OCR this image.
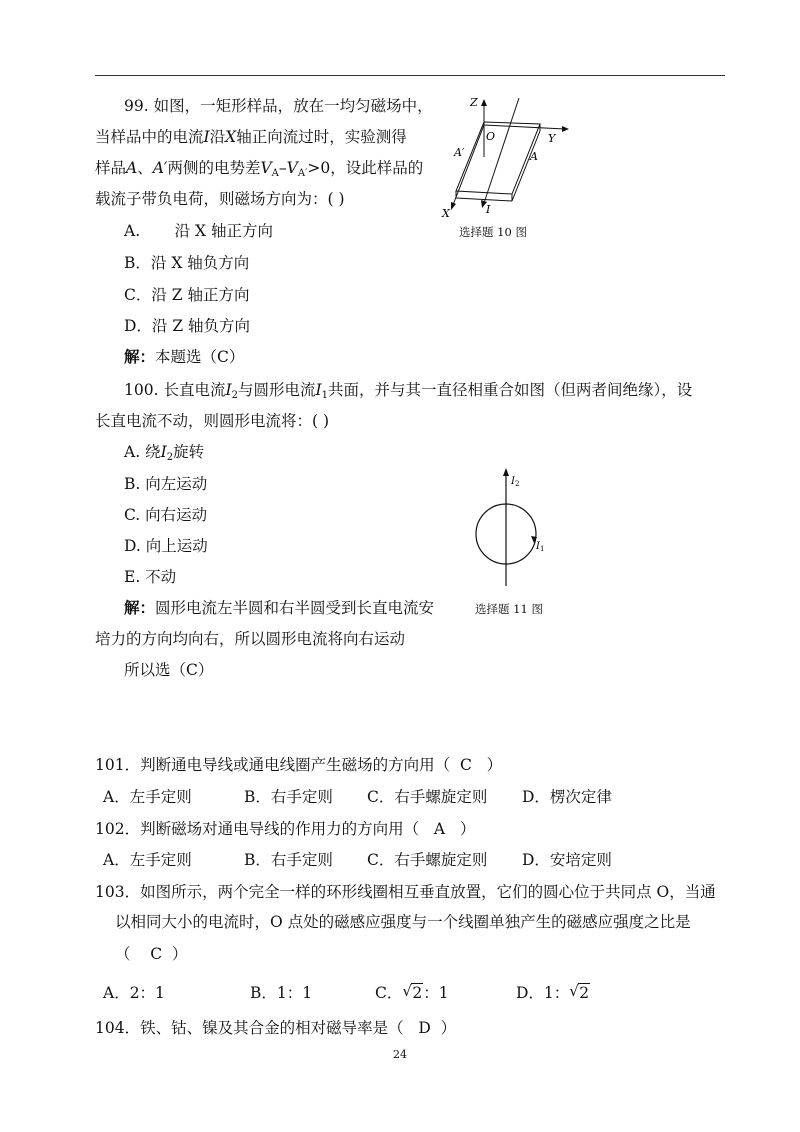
99. 如图，一矩形样品，放在一均匀磁场中，
当样品中的电流I沿X轴正向流过时，实验测得
样品A、A′两侧的电势差$V_A-V_{A'}>0$，设此样品的
载流子带负电荷，则磁场方向为：( )
A.       沿 X 轴正方向
B．沿 X 轴负方向
C．沿 Z 轴正方向
D．沿 Z 轴负方向
解：本题选（C）
Z
O	Y
A′	A
X	I
选择题 10 图
100. 长直电流$I_2$与圆形电流$I_1$共面，并与其一直径相重合如图（但两者间绝缘），设
长直电流不动，则圆形电流将：( )
A. 绕$I_2$旋转
B. 向左运动
C. 向右运动
D. 向上运动
E. 不动
解：圆形电流左半圆和右半圆受到长直电流安
培力的方向均向右，所以圆形电流将向右运动
所以选（C）
$I_2$
$I_1$
选择题 11 图
101．判断通电导线或通电线圈产生磁场的方向用（  C   ）
A．左手定则	B．右手定则 C．右手螺旋定则 D．楞次定律
102．判断磁场对通电导线的作用力的方向用（   A   ）
A．左手定则	B．右手定则 C．右手螺旋定则 D．安培定则
103．如图所示，两个完全一样的环形线圈相互垂直放置，它们的圆心位于共同点 O，当通
以相同大小的电流时，O 点处的磁感应强度与一个线圈单独产生的磁感应强度之比是
（    C  ）
A．2：1	B．1：1	C． √ 2：1	D．1： √ 2
104．铁、钴、镍及其合金的相对磁导率是（   D  ）
24
